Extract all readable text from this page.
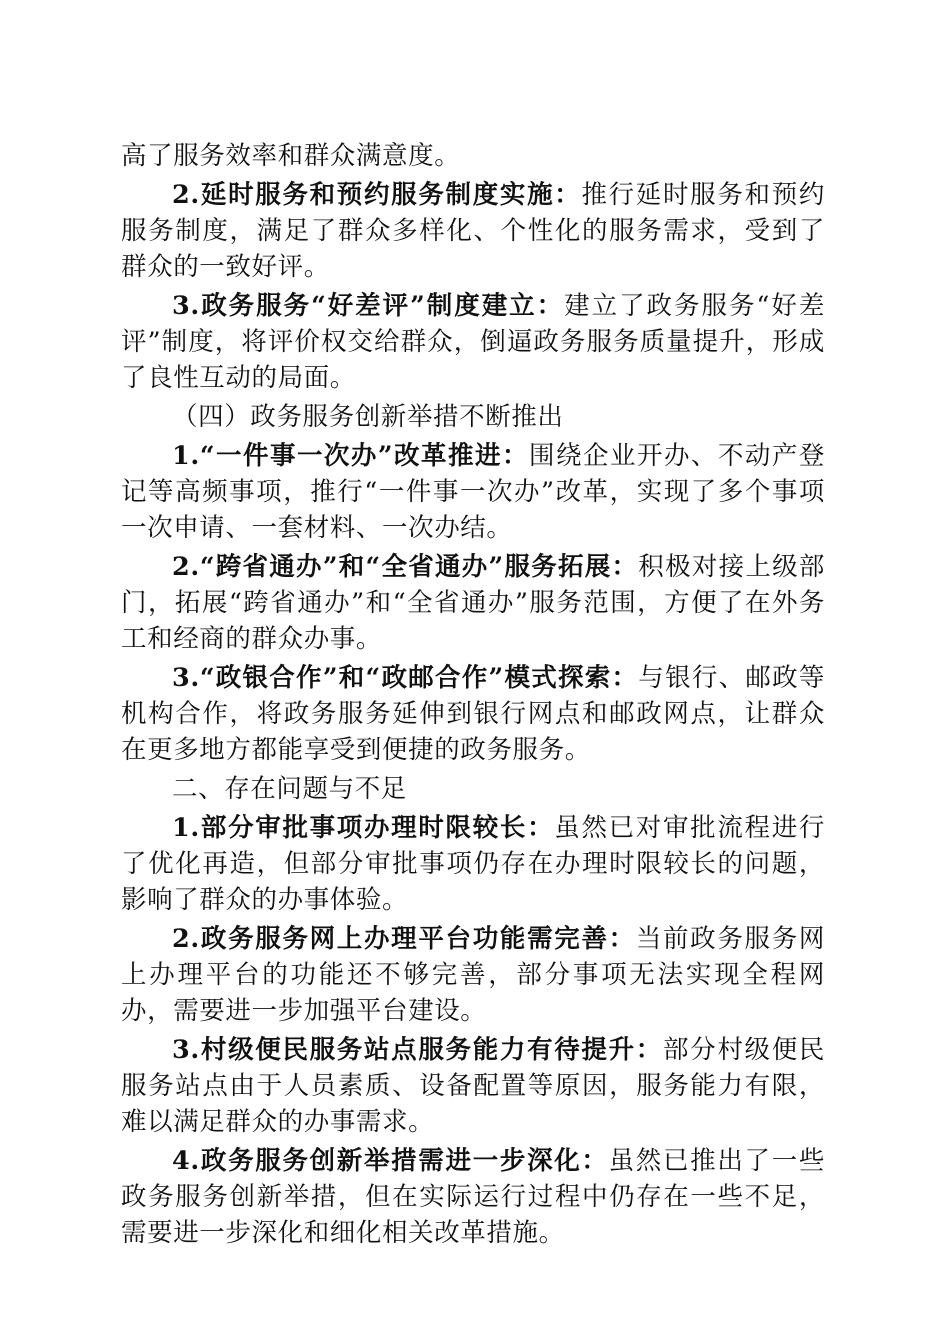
高了服务效率和群众满意度。

2.延时服务和预约服务制度实施：推行延时服务和预约服务制度，满足了群众多样化、个性化的服务需求，受到了群众的一致好评。

3.政务服务“好差评”制度建立：建立了政务服务“好差评”制度，将评价权交给群众，倒逼政务服务质量提升，形成了良性互动的局面。

（四）政务服务创新举措不断推出

1.“一件事一次办”改革推进：围绕企业开办、不动产登记等高频事项，推行“一件事一次办”改革，实现了多个事项一次申请、一套材料、一次办结。

2.“跨省通办”和“全省通办”服务拓展：积极对接上级部门，拓展“跨省通办”和“全省通办”服务范围，方便了在外务工和经商的群众办事。

3.“政银合作”和“政邮合作”模式探索：与银行、邮政等机构合作，将政务服务延伸到银行网点和邮政网点，让群众在更多地方都能享受到便捷的政务服务。

二、存在问题与不足

1.部分审批事项办理时限较长：虽然已对审批流程进行了优化再造，但部分审批事项仍存在办理时限较长的问题，影响了群众的办事体验。

2.政务服务网上办理平台功能需完善：当前政务服务网上办理平台的功能还不够完善，部分事项无法实现全程网办，需要进一步加强平台建设。

3.村级便民服务站点服务能力有待提升：部分村级便民服务站点由于人员素质、设备配置等原因，服务能力有限，难以满足群众的办事需求。

4.政务服务创新举措需进一步深化：虽然已推出了一些政务服务创新举措，但在实际运行过程中仍存在一些不足，需要进一步深化和细化相关改革措施。
